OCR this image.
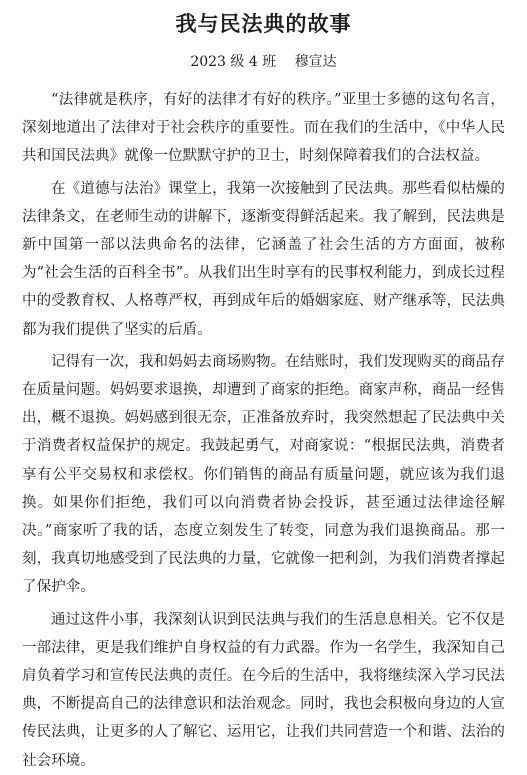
我与民法典的故事
2023 级 4 班 穆宣达

“法律就是秩序，有好的法律才有好的秩序。”亚里士多德的这句名言，深刻地道出了法律对于社会秩序的重要性。而在我们的生活中，《中华人民共和国民法典》就像一位默默守护的卫士，时刻保障着我们的合法权益。

在《道德与法治》课堂上，我第一次接触到了民法典。那些看似枯燥的法律条文，在老师生动的讲解下，逐渐变得鲜活起来。我了解到，民法典是新中国第一部以法典命名的法律，它涵盖了社会生活的方方面面，被称为“社会生活的百科全书”。从我们出生时享有的民事权利能力，到成长过程中的受教育权、人格尊严权，再到成年后的婚姻家庭、财产继承等，民法典都为我们提供了坚实的后盾。

记得有一次，我和妈妈去商场购物。在结账时，我们发现购买的商品存在质量问题。妈妈要求退换，却遭到了商家的拒绝。商家声称，商品一经售出，概不退换。妈妈感到很无奈，正准备放弃时，我突然想起了民法典中关于消费者权益保护的规定。我鼓起勇气，对商家说：“根据民法典，消费者享有公平交易权和求偿权。你们销售的商品有质量问题，就应该为我们退换。如果你们拒绝，我们可以向消费者协会投诉，甚至通过法律途径解决。”商家听了我的话，态度立刻发生了转变，同意为我们退换商品。那一刻，我真切地感受到了民法典的力量，它就像一把利剑，为我们消费者撑起了保护伞。

通过这件小事，我深刻认识到民法典与我们的生活息息相关。它不仅是一部法律，更是我们维护自身权益的有力武器。作为一名学生，我深知自己肩负着学习和宣传民法典的责任。在今后的生活中，我将继续深入学习民法典，不断提高自己的法律意识和法治观念。同时，我也会积极向身边的人宣传民法典，让更多的人了解它、运用它，让我们共同营造一个和谐、法治的社会环境。
